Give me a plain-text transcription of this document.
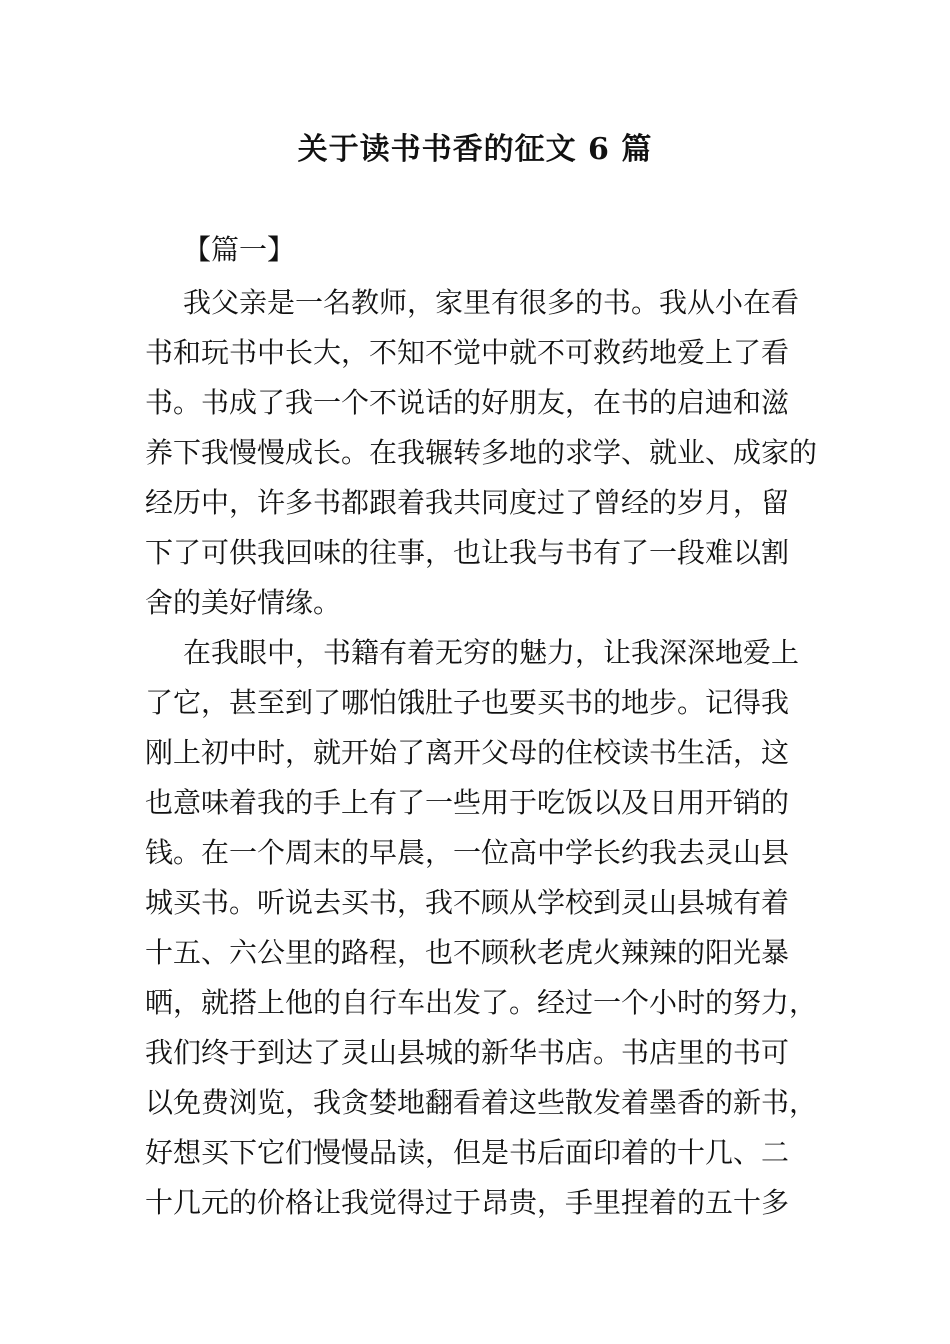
关于读书书香的征文 6 篇
【篇一】
我父亲是一名教师，家里有很多的书。我从小在看
书和玩书中长大，不知不觉中就不可救药地爱上了看
书。书成了我一个不说话的好朋友，在书的启迪和滋
养下我慢慢成长。在我辗转多地的求学、就业、成家的
经历中，许多书都跟着我共同度过了曾经的岁月，留
下了可供我回味的往事，也让我与书有了一段难以割
舍的美好情缘。
在我眼中，书籍有着无穷的魅力，让我深深地爱上
了它，甚至到了哪怕饿肚子也要买书的地步。记得我
刚上初中时，就开始了离开父母的住校读书生活，这
也意味着我的手上有了一些用于吃饭以及日用开销的
钱。在一个周末的早晨，一位高中学长约我去灵山县
城买书。听说去买书，我不顾从学校到灵山县城有着
十五、六公里的路程，也不顾秋老虎火辣辣的阳光暴
晒，就搭上他的自行车出发了。经过一个小时的努力，
我们终于到达了灵山县城的新华书店。书店里的书可
以免费浏览，我贪婪地翻看着这些散发着墨香的新书，
好想买下它们慢慢品读，但是书后面印着的十几、二
十几元的价格让我觉得过于昂贵，手里捏着的五十多
